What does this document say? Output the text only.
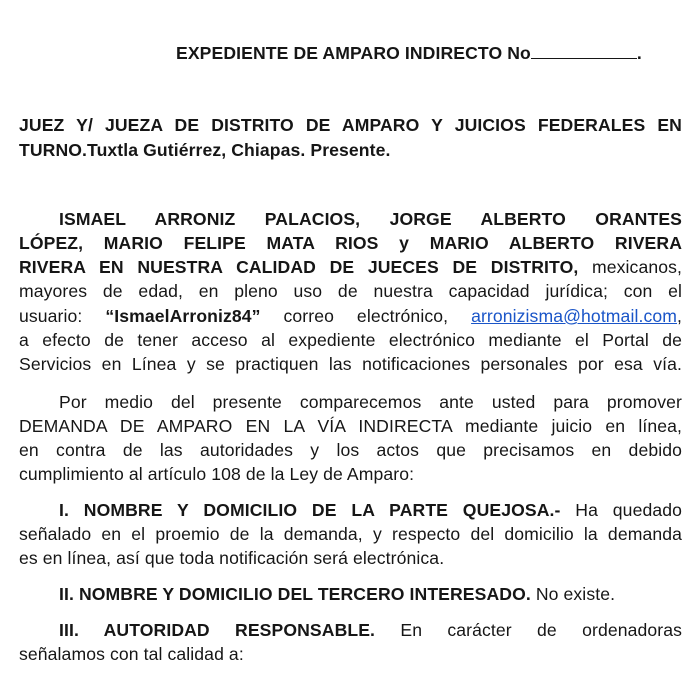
EXPEDIENTE DE AMPARO INDIRECTO No	.
JUEZ Y/ JUEZA DE DISTRITO DE AMPARO Y JUICIOS FEDERALES EN
TURNO.Tuxtla Gutiérrez, Chiapas. Presente.
ISMAEL ARRONIZ PALACIOS, JORGE ALBERTO ORANTES
LÓPEZ, MARIO FELIPE MATA RIOS y MARIO ALBERTO RIVERA
RIVERA EN NUESTRA CALIDAD DE JUECES DE DISTRITO, mexicanos,
mayores de edad, en pleno uso de nuestra capacidad jurídica; con el
usuario: “IsmaelArroniz84” correo electrónico, arronizisma@hotmail.com,
a efecto de tener acceso al expediente electrónico mediante el Portal de
Servicios en Línea y se practiquen las notificaciones personales por esa vía.
Por medio del presente comparecemos ante usted para promover
DEMANDA DE AMPARO EN LA VÍA INDIRECTA mediante juicio en línea,
en contra de las autoridades y los actos que precisamos en debido
cumplimiento al artículo 108 de la Ley de Amparo:
I. NOMBRE Y DOMICILIO DE LA PARTE QUEJOSA.- Ha quedado
señalado en el proemio de la demanda, y respecto del domicilio la demanda
es en línea, así que toda notificación será electrónica.
II. NOMBRE Y DOMICILIO DEL TERCERO INTERESADO. No existe.
III. AUTORIDAD RESPONSABLE. En carácter de ordenadoras
señalamos con tal calidad a:
